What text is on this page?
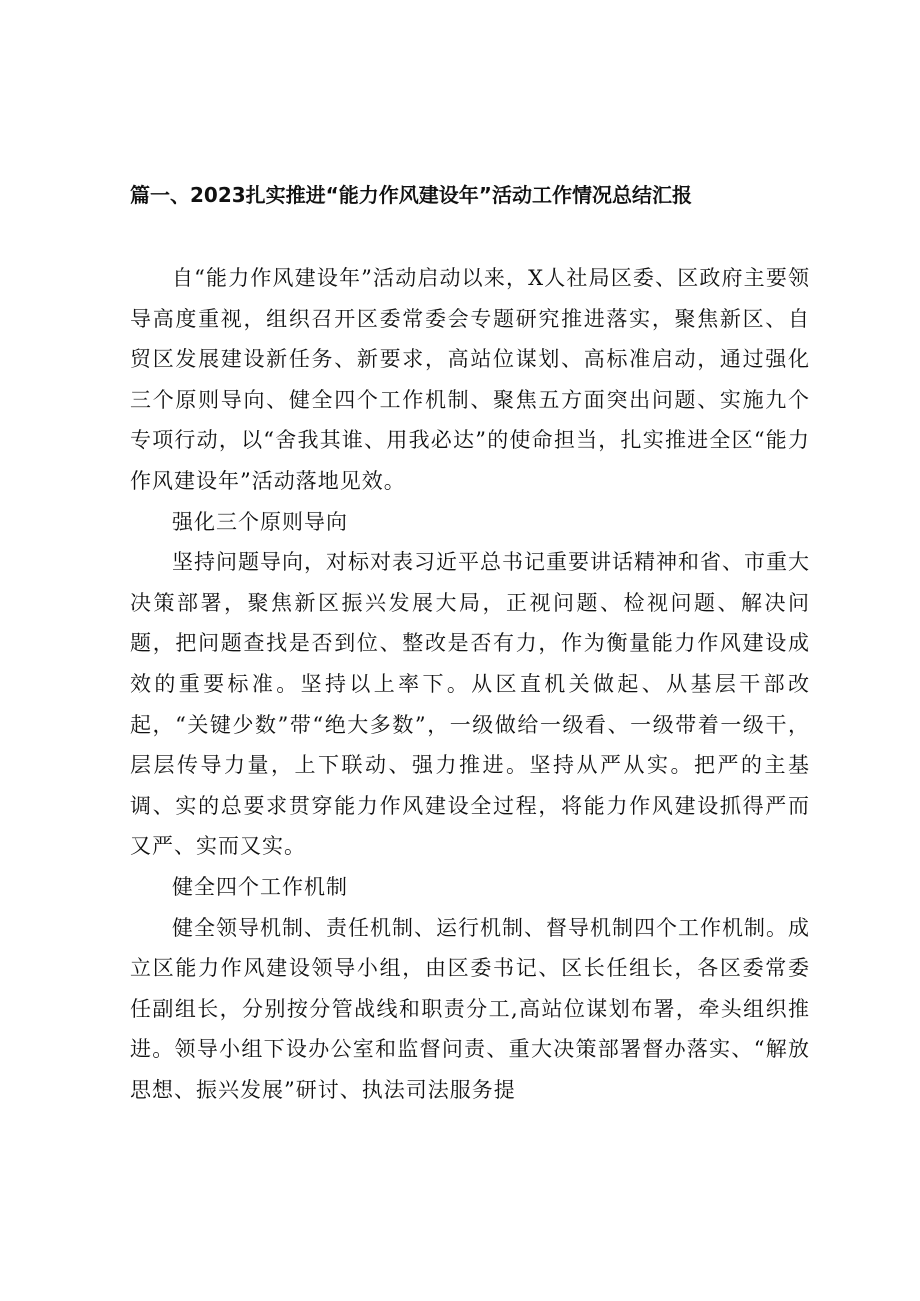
篇一、2023扎实推进“能力作风建设年”活动工作情况总结汇报

自“能力作风建设年”活动启动以来，X人社局区委、区政府主要领导高度重视，组织召开区委常委会专题研究推进落实，聚焦新区、自贸区发展建设新任务、新要求，高站位谋划、高标准启动，通过强化三个原则导向、健全四个工作机制、聚焦五方面突出问题、实施九个专项行动，以“舍我其谁、用我必达”的使命担当，扎实推进全区“能力作风建设年”活动落地见效。

强化三个原则导向

坚持问题导向，对标对表习近平总书记重要讲话精神和省、市重大决策部署，聚焦新区振兴发展大局，正视问题、检视问题、解决问题，把问题查找是否到位、整改是否有力，作为衡量能力作风建设成效的重要标准。坚持以上率下。从区直机关做起、从基层干部改起，“关键少数”带“绝大多数”，一级做给一级看、一级带着一级干，层层传导力量，上下联动、强力推进。坚持从严从实。把严的主基调、实的总要求贯穿能力作风建设全过程，将能力作风建设抓得严而又严、实而又实。

健全四个工作机制

健全领导机制、责任机制、运行机制、督导机制四个工作机制。成立区能力作风建设领导小组，由区委书记、区长任组长，各区委常委任副组长，分别按分管战线和职责分工,高站位谋划布署，牵头组织推进。领导小组下设办公室和监督问责、重大决策部署督办落实、“解放思想、振兴发展”研讨、执法司法服务提
